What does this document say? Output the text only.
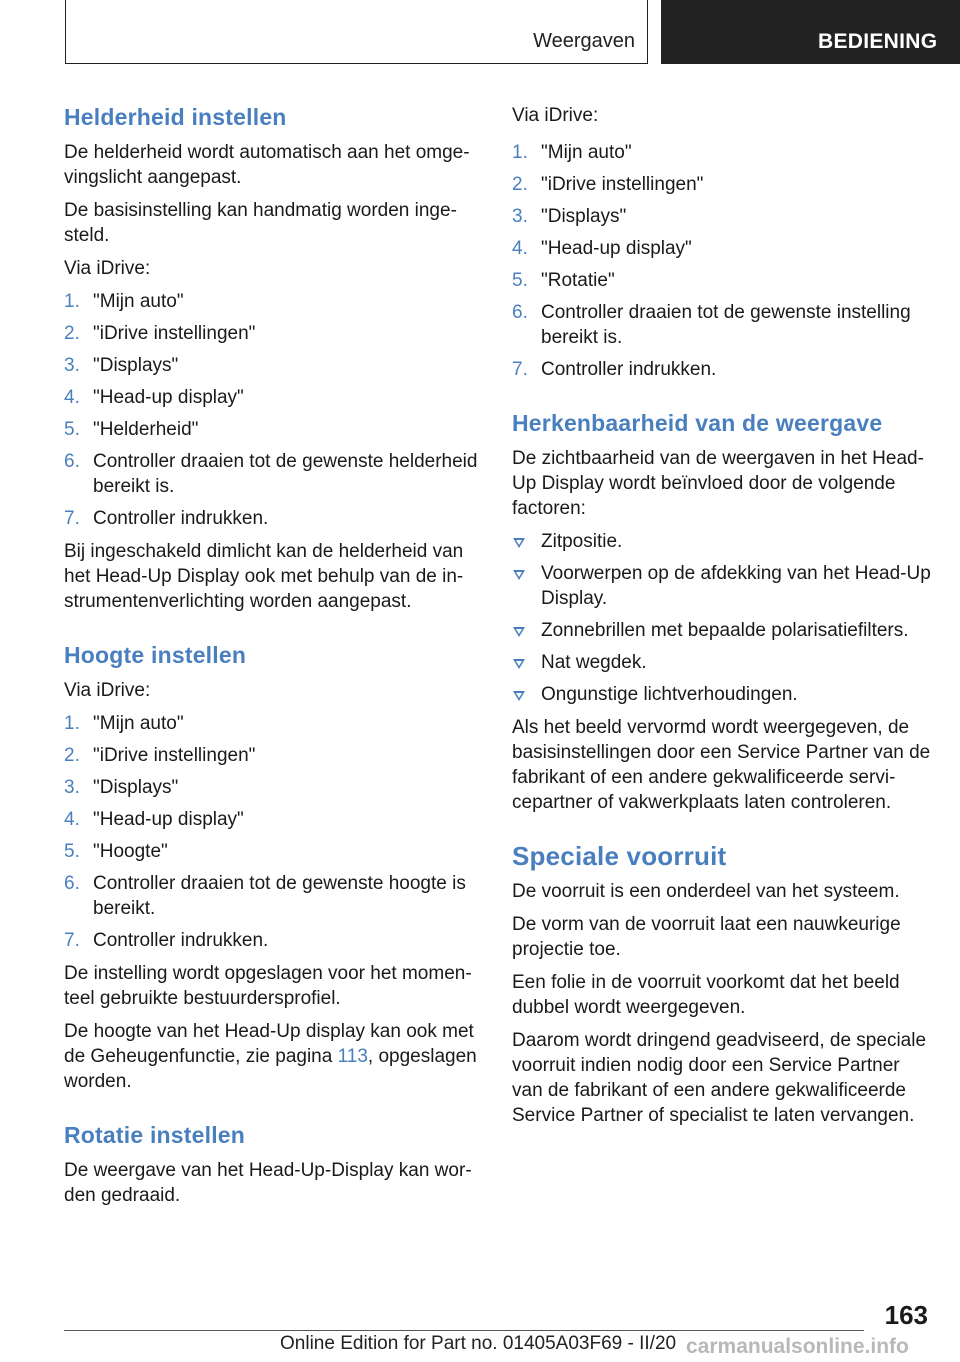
Weergaven	BEDIENING
Helderheid instellen

De helderheid wordt automatisch aan het omgevingslicht aangepast.

De basisinstelling kan handmatig worden ingesteld.

Via iDrive:

1. "Mijn auto"
2. "iDrive instellingen"
3. "Displays"
4. "Head-up display"
5. "Helderheid"
6. Controller draaien tot de gewenste helderheid bereikt is.
7. Controller indrukken.

Bij ingeschakeld dimlicht kan de helderheid van het Head-Up Display ook met behulp van de instrumentenverlichting worden aangepast.

Hoogte instellen

Via iDrive:

1. "Mijn auto"
2. "iDrive instellingen"
3. "Displays"
4. "Head-up display"
5. "Hoogte"
6. Controller draaien tot de gewenste hoogte is bereikt.
7. Controller indrukken.

De instelling wordt opgeslagen voor het momenteel gebruikte bestuurdersprofiel.

De hoogte van het Head-Up display kan ook met de Geheugenfunctie, zie pagina 113, opgeslagen worden.

Rotatie instellen

De weergave van het Head-Up-Display kan worden gedraaid.

Via iDrive:

1. "Mijn auto"
2. "iDrive instellingen"
3. "Displays"
4. "Head-up display"
5. "Rotatie"
6. Controller draaien tot de gewenste instelling bereikt is.
7. Controller indrukken.
Herkenbaarheid van de weergave

De zichtbaarheid van de weergaven in het Head-Up Display wordt beïnvloed door de volgende factoren:

Zitpositie.
Voorwerpen op de afdekking van het Head-Up Display.
Zonnebrillen met bepaalde polarisatiefilters.
Nat wegdek.
Ongunstige lichtverhoudingen.

Als het beeld vervormd wordt weergegeven, de basisinstellingen door een Service Partner van de fabrikant of een andere gekwalificeerde servicepartner of vakwerkplaats laten controleren.

Speciale voorruit

De voorruit is een onderdeel van het systeem.

De vorm van de voorruit laat een nauwkeurige projectie toe.

Een folie in de voorruit voorkomt dat het beeld dubbel wordt weergegeven.

Daarom wordt dringend geadviseerd, de speciale voorruit indien nodig door een Service Partner van de fabrikant of een andere gekwalificeerde Service Partner of specialist te laten vervangen.

163
Online Edition for Part no. 01405A03F69 - II/20 carmanualsonline.info
